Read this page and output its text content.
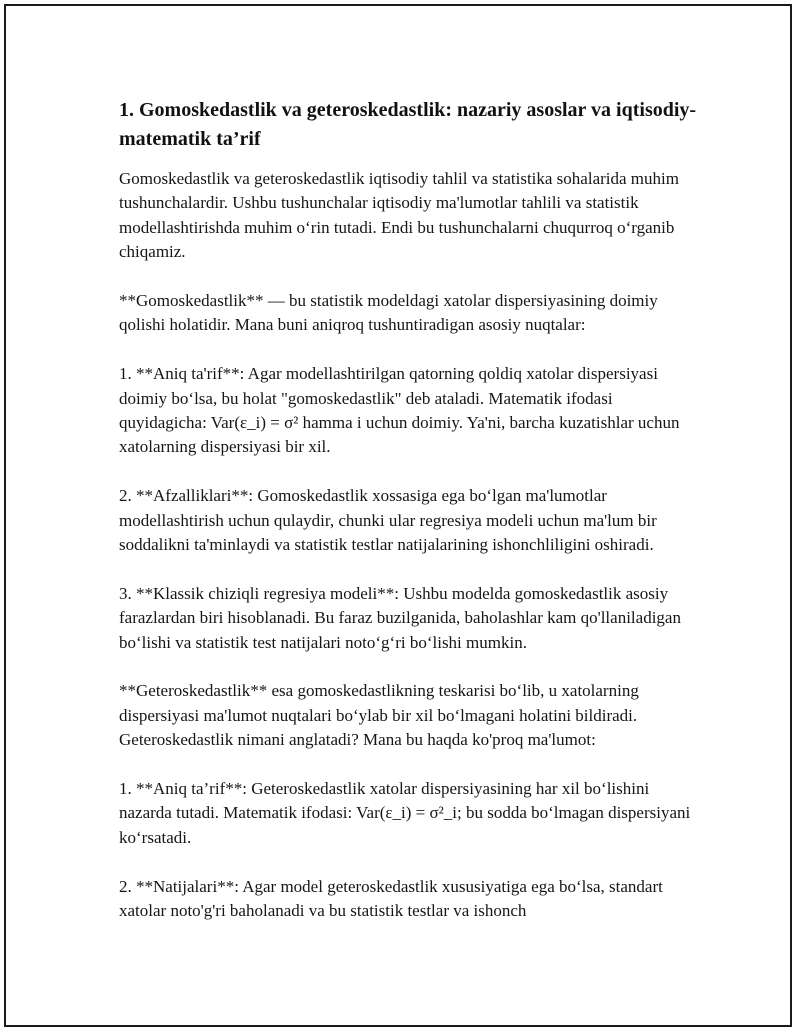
1. Gomoskedastlik va geteroskedastlik: nazariy asoslar va iqtisodiy-matematik ta’rif

Gomoskedastlik va geteroskedastlik iqtisodiy tahlil va statistika sohalarida muhim tushunchalardir. Ushbu tushunchalar iqtisodiy ma'lumotlar tahlili va statistik modellashtirishda muhim o‘rin tutadi. Endi bu tushunchalarni chuqurroq o‘rganib chiqamiz.

**Gomoskedastlik** — bu statistik modeldagi xatolar dispersiyasining doimiy qolishi holatidir. Mana buni aniqroq tushuntiradigan asosiy nuqtalar:

1. **Aniq ta'rif**: Agar modellashtirilgan qatorning qoldiq xatolar dispersiyasi doimiy bo‘lsa, bu holat "gomoskedastlik" deb ataladi. Matematik ifodasi quyidagicha: Var(ε_i) = σ² hamma i uchun doimiy. Ya'ni, barcha kuzatishlar uchun xatolarning dispersiyasi bir xil.

2. **Afzalliklari**: Gomoskedastlik xossasiga ega bo‘lgan ma'lumotlar modellashtirish uchun qulaydir, chunki ular regresiya modeli uchun ma'lum bir soddalikni ta'minlaydi va statistik testlar natijalarining ishonchliligini oshiradi.

3. **Klassik chiziqli regresiya modeli**: Ushbu modelda gomoskedastlik asosiy farazlardan biri hisoblanadi. Bu faraz buzilganida, baholashlar kam qo'llaniladigan bo‘lishi va statistik test natijalari noto‘g‘ri bo‘lishi mumkin.

**Geteroskedastlik** esa gomoskedastlikning teskarisi bo‘lib, u xatolarning dispersiyasi ma'lumot nuqtalari bo‘ylab bir xil bo‘lmagani holatini bildiradi. Geteroskedastlik nimani anglatadi? Mana bu haqda ko'proq ma'lumot:

1. **Aniq ta’rif**: Geteroskedastlik xatolar dispersiyasining har xil bo‘lishini nazarda tutadi. Matematik ifodasi: Var(ε_i) = σ²_i; bu sodda bo‘lmagan dispersiyani ko‘rsatadi.

2. **Natijalari**: Agar model geteroskedastlik xususiyatiga ega bo‘lsa, standart xatolar noto'g'ri baholanadi va bu statistik testlar va ishonch
